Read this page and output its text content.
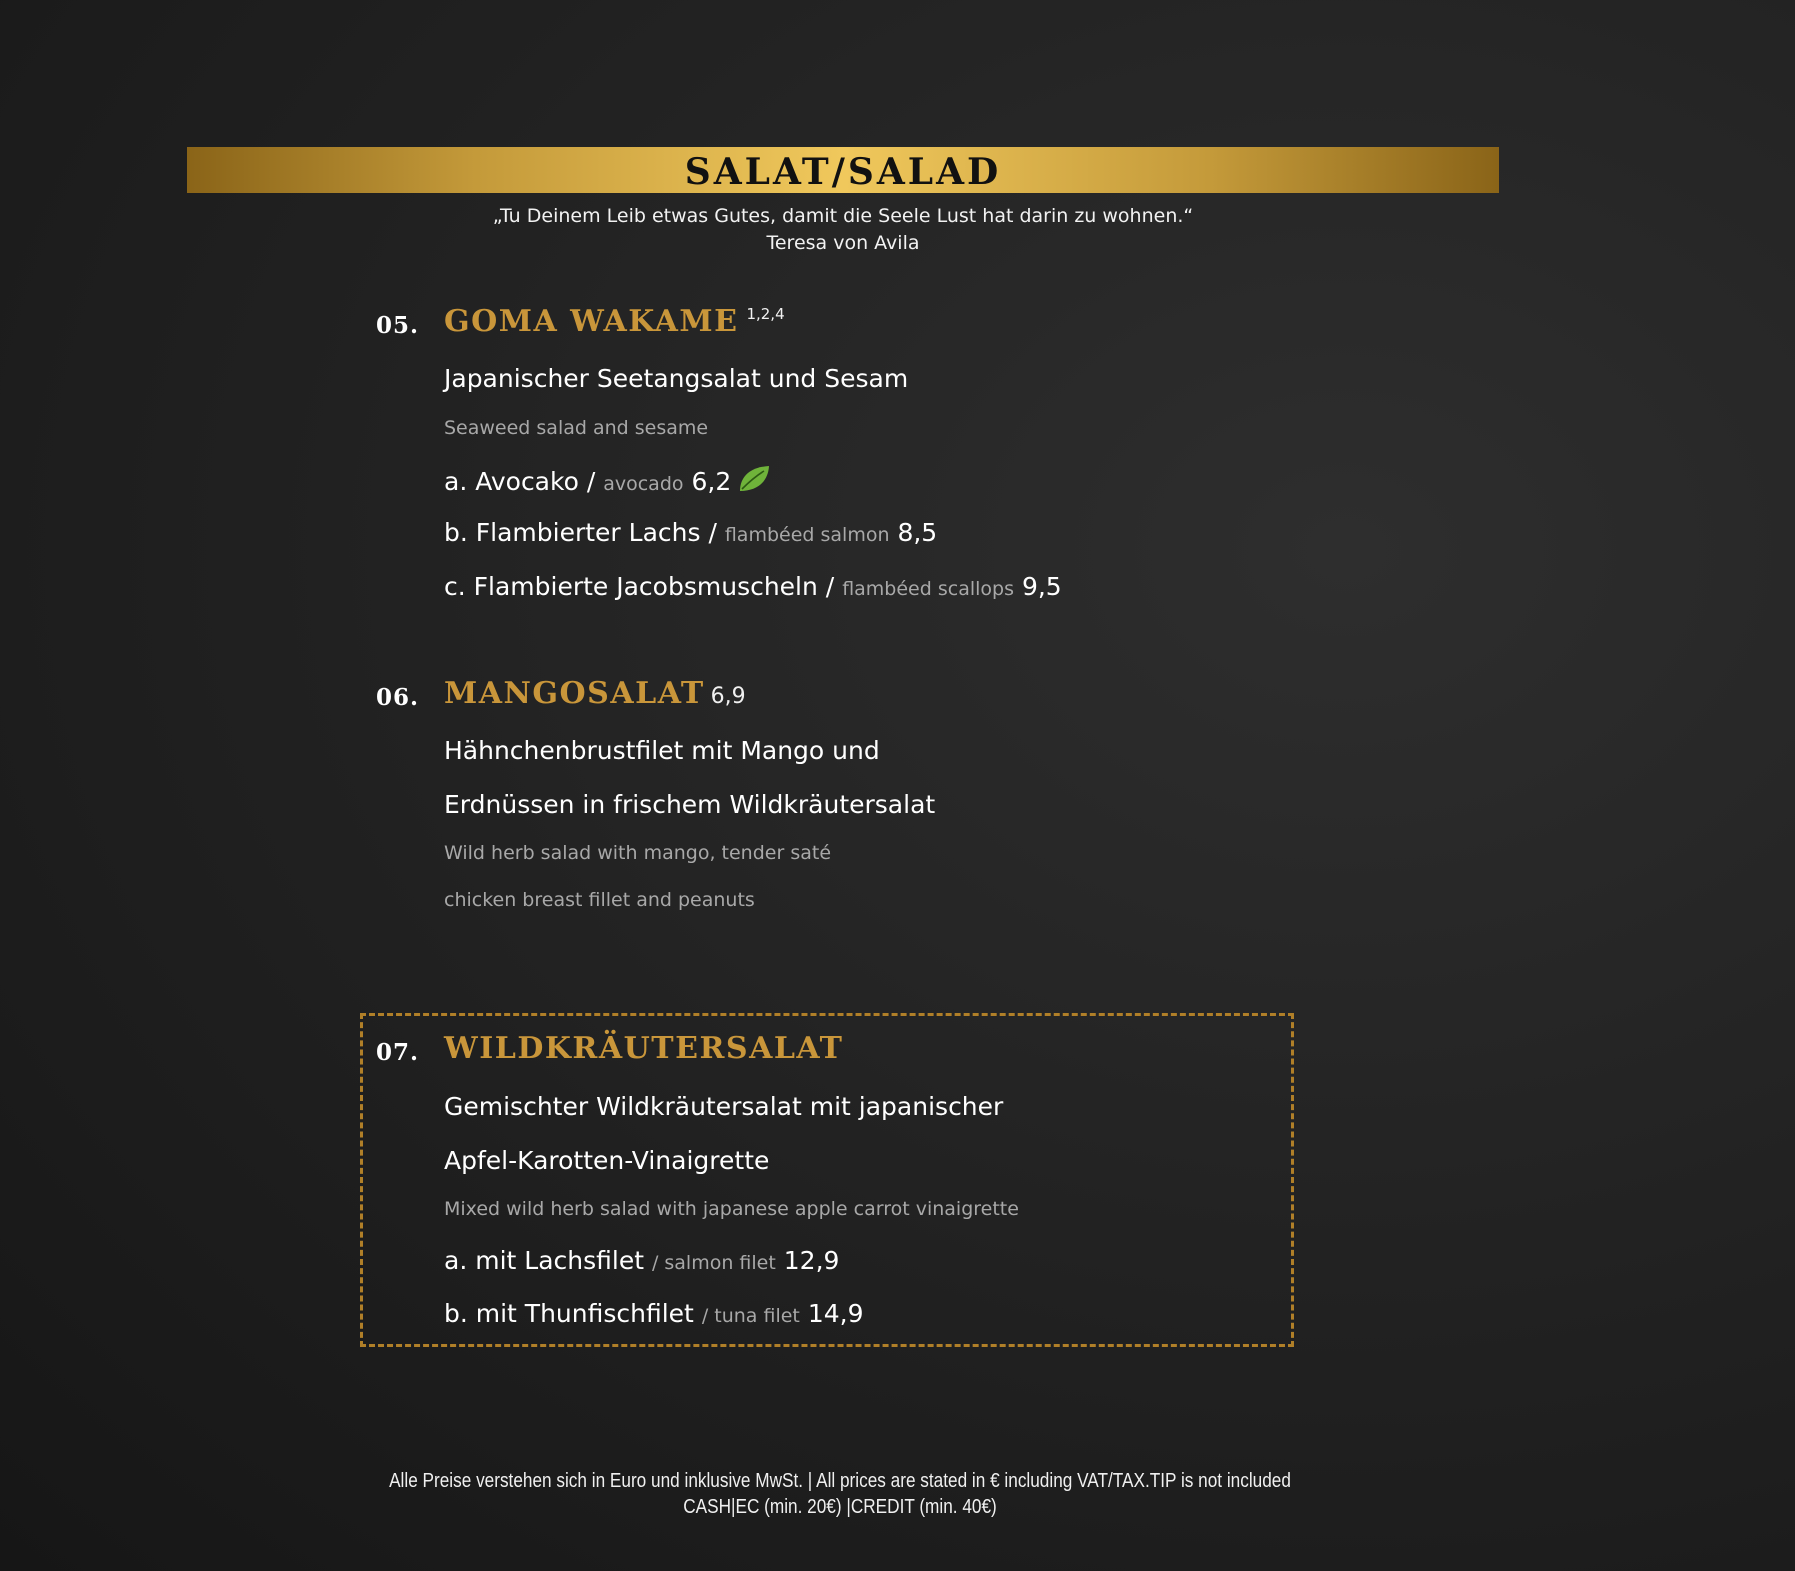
SALAT/SALAD
„Tu Deinem Leib etwas Gutes, damit die Seele Lust hat darin zu wohnen.“
Teresa von Avila
05. GOMA WAKAME $^{1,2,4}$
Japanischer Seetangsalat und Sesam
Seaweed salad and sesame
a. Avocako / avocado 6,2
b. Flambierter Lachs / flambéed salmon 8,5
c. Flambierte Jacobsmuscheln / flambéed scallops 9,5
06. MANGOSALAT 6,9
Hähnchenbrustfilet mit Mango und
Erdnüssen in frischem Wildkräutersalat
Wild herb salad with mango, tender saté
chicken breast fillet and peanuts
07. WILDKRÄUTERSALAT
Gemischter Wildkräutersalat mit japanischer
Apfel-Karotten-Vinaigrette
Mixed wild herb salad with japanese apple carrot vinaigrette
a. mit Lachsfilet / salmon filet 12,9
b. mit Thunfischfilet / tuna filet 14,9
Alle Preise verstehen sich in Euro und inklusive MwSt. | All prices are stated in € including VAT/TAX.TIP is not included
CASH|EC (min. 20€) |CREDIT (min. 40€)
